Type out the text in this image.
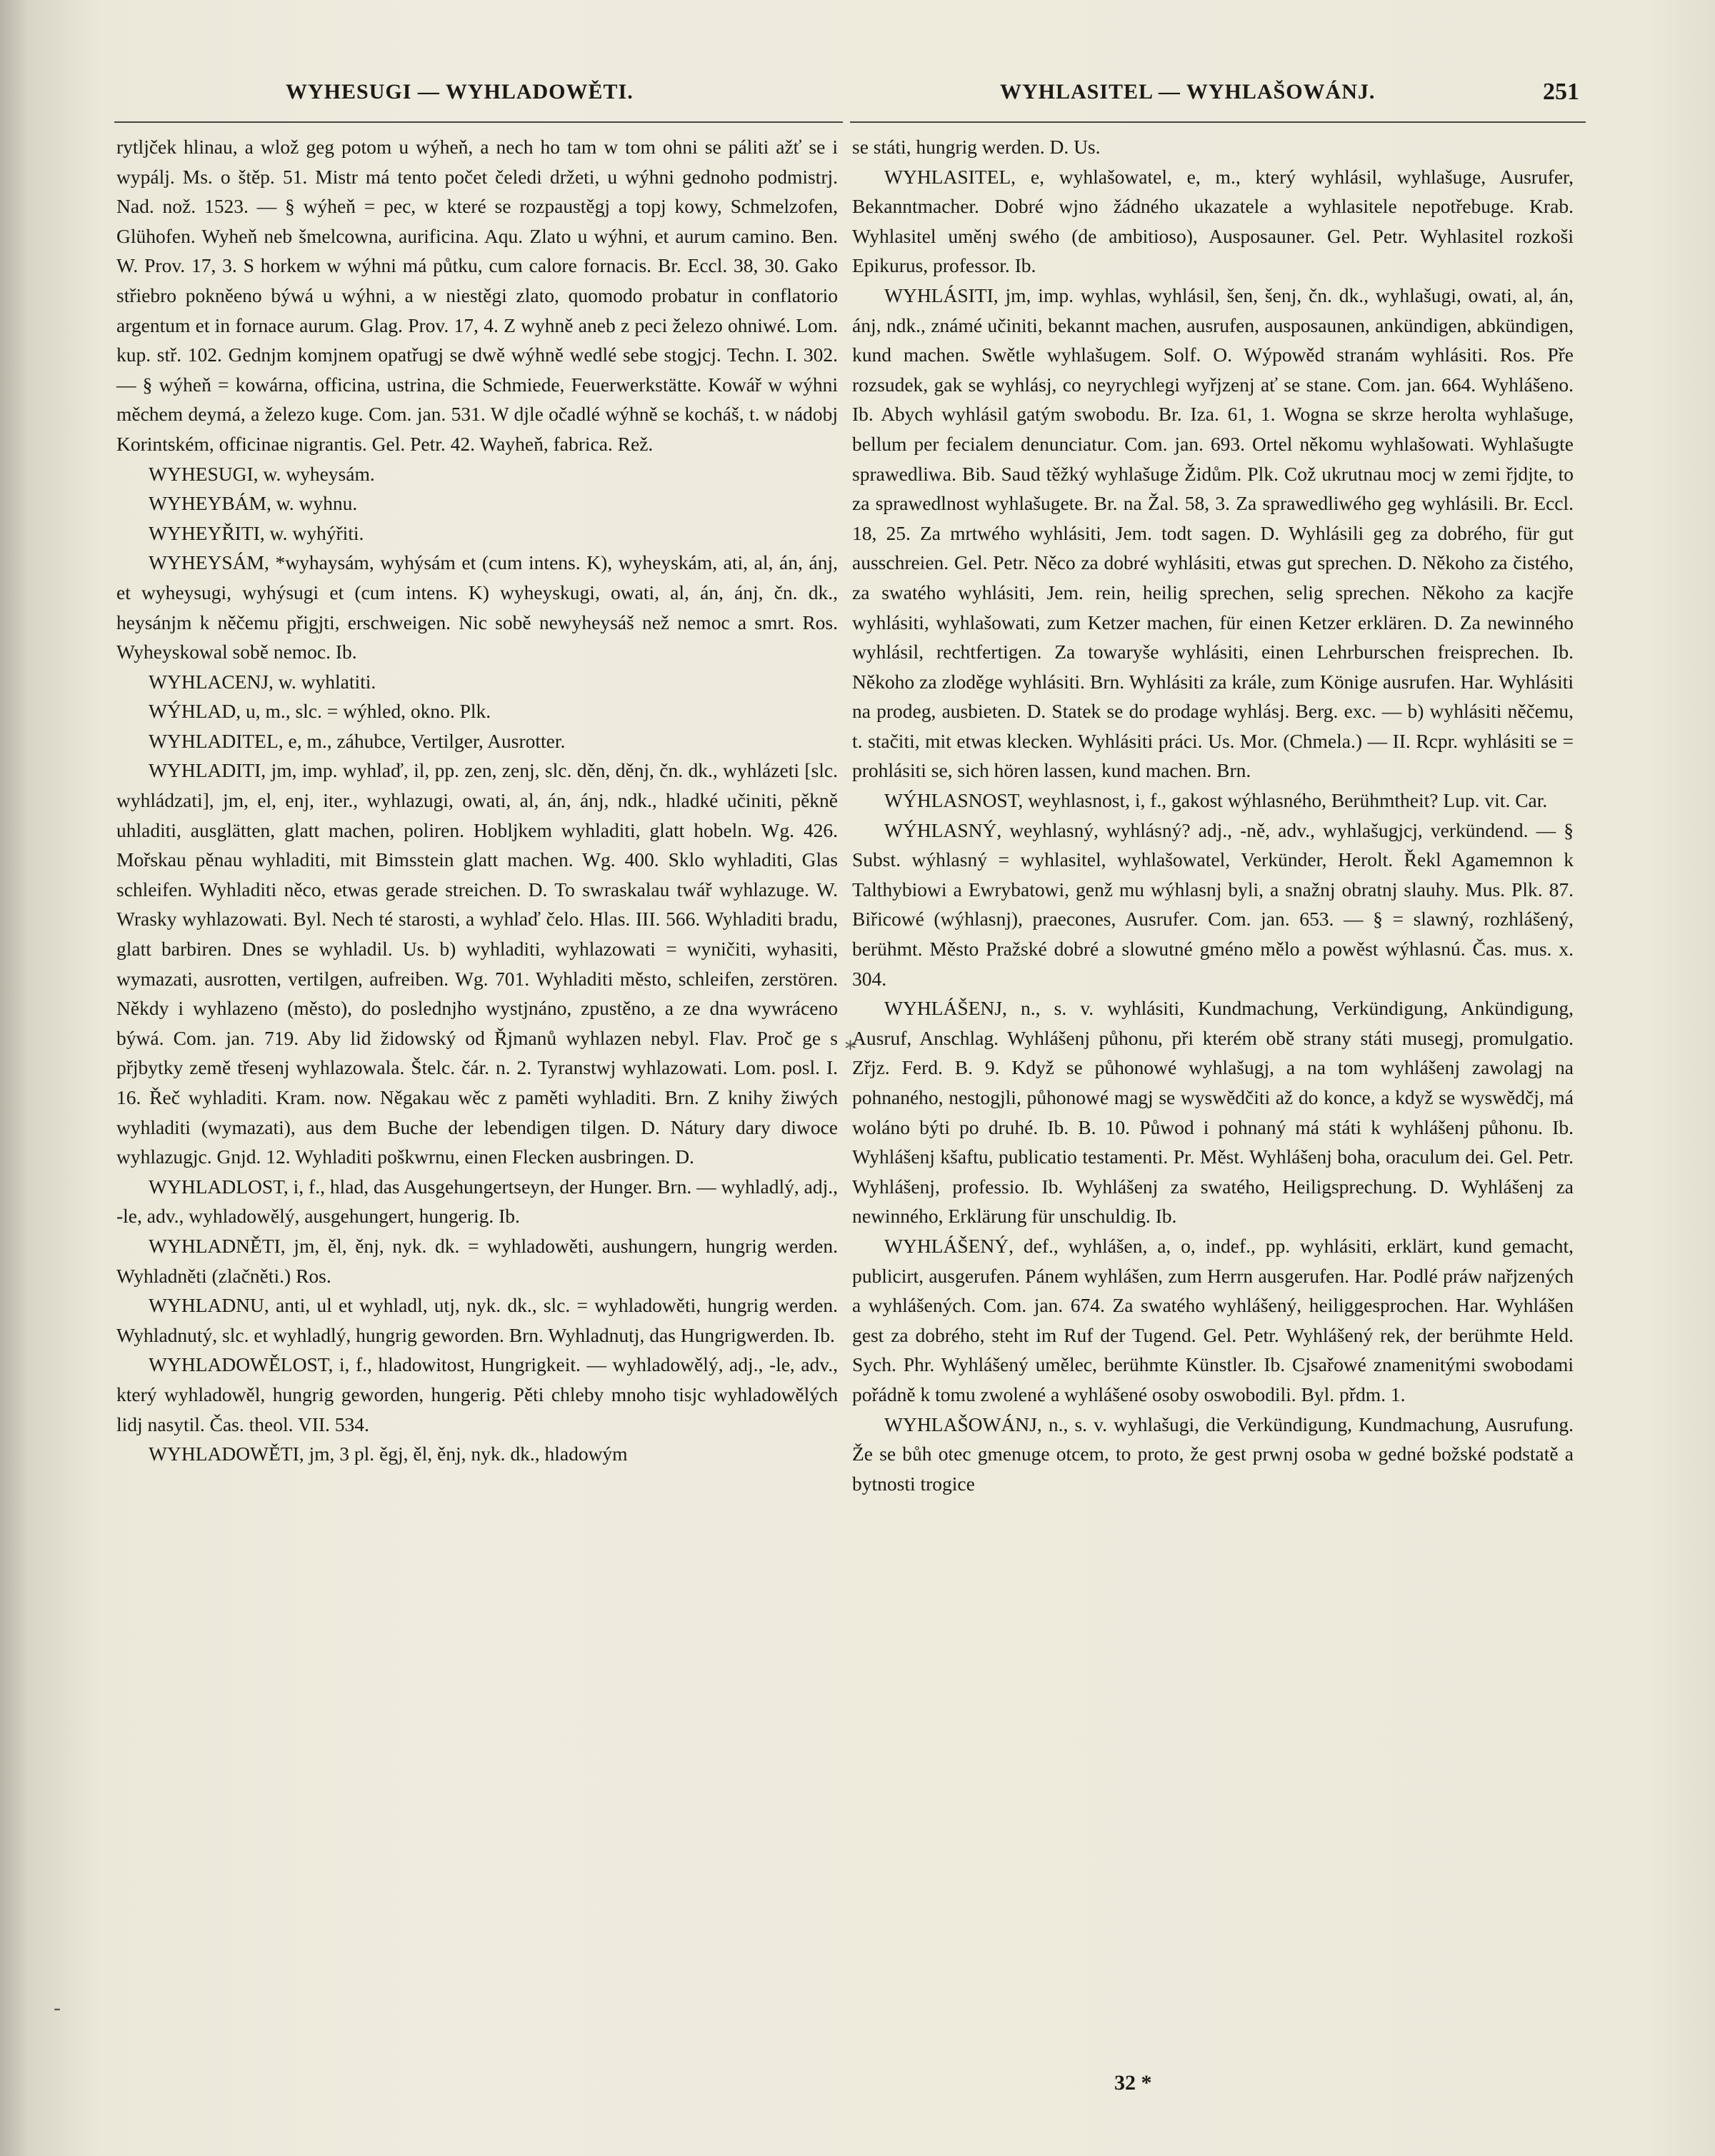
WYHESUGI — WYHLADOWĚTI.	WYHLASITEL — WYHLAŠOWÁNJ.	251

rytljček hlinau, a wlož geg potom u wýheň, a nech ho tam w tom ohni se páliti ažť se i wypálj. Ms. o štěp. 51. Mistr má tento počet čeledi držeti, u wýhni gednoho podmistrj. Nad. nož. 1523. — § wýheň = pec, w které se rozpaustěgj a topj kowy, Schmelzofen, Glühofen. Wyheň neb šmelcowna, aurificina. Aqu. Zlato u wýhni, et aurum camino. Ben. W. Prov. 17, 3. S horkem w wýhni má půtku, cum calore fornacis. Br. Eccl. 38, 30. Gako střiebro pokněeno býwá u wýhni, a w niestěgi zlato, quomodo probatur in conflatorio argentum et in fornace aurum. Glag. Prov. 17, 4. Z wyhně aneb z peci železo ohniwé. Lom. kup. stř. 102. Gednjm komjnem opatřugj se dwě wýhně wedlé sebe stogjcj. Techn. I. 302. — § wýheň = kowárna, officina, ustrina, die Schmiede, Feuerwerkstätte. Kowář w wýhni měchem deymá, a železo kuge. Com. jan. 531. W djle očadlé wýhně se kocháš, t. w nádobj Korintském, officinae nigrantis. Gel. Petr. 42. Wayheň, fabrica. Rež.

WYHESUGI, w. wyheysám.

WYHEYBÁM, w. wyhnu.

WYHEYŘITI, w. wyhýřiti.

WYHEYSÁM, *wyhaysám, wyhýsám et (cum intens. K), wyheyskám, ati, al, án, ánj, et wyheysugi, wyhýsugi et (cum intens. K) wyheyskugi, owati, al, án, ánj, čn. dk., heysánjm k něčemu přigjti, erschweigen. Nic sobě newyheysáš než nemoc a smrt. Ros. Wyheyskowal sobě nemoc. Ib.

WYHLACENJ, w. wyhlatiti.

WÝHLAD, u, m., slc. = wýhled, okno. Plk.

WYHLADITEL, e, m., záhubce, Vertilger, Ausrotter.

WYHLADITI, jm, imp. wyhlaď, il, pp. zen, zenj, slc. děn, děnj, čn. dk., wyhlázeti [slc. wyhládzati], jm, el, enj, iter., wyhlazugi, owati, al, án, ánj, ndk., hladké učiniti, pěkně uhladiti, ausglätten, glatt machen, poliren. Hobljkem wyhladiti, glatt hobeln. Wg. 426. Mořskau pěnau wyhladiti, mit Bimsstein glatt machen. Wg. 400. Sklo wyhladiti, Glas schleifen. Wyhladiti něco, etwas gerade streichen. D. To swraskalau twář wyhlazuge. W. Wrasky wyhlazowati. Byl. Nech té starosti, a wyhlaď čelo. Hlas. III. 566. Wyhladiti bradu, glatt barbiren. Dnes se wyhladil. Us. b) wyhladiti, wyhlazowati = wyničiti, wyhasiti, wymazati, ausrotten, vertilgen, aufreiben. Wg. 701. Wyhladiti město, schleifen, zerstören. Někdy i wyhlazeno (město), do poslednjho wystjnáno, zpustěno, a ze dna wywráceno býwá. Com. jan. 719. Aby lid židowský od Řjmanů wyhlazen nebyl. Flav. Proč ge s přjbytky země třesenj wyhlazowala. Štelc. čár. n. 2. Tyranstwj wyhlazowati. Lom. posl. I. 16. Řeč wyhladiti. Kram. now. Něgakau wěc z paměti wyhladiti. Brn. Z knihy žiwých wyhladiti (wymazati), aus dem Buche der lebendigen tilgen. D. Nátury dary diwoce wyhlazugjc. Gnjd. 12. Wyhladiti poškwrnu, einen Flecken ausbringen. D.

WYHLADLOST, i, f., hlad, das Ausgehungertseyn, der Hunger. Brn. — wyhladlý, adj., -le, adv., wyhladowělý, ausgehungert, hungerig. Ib.

WYHLADNĚTI, jm, ěl, ěnj, nyk. dk. = wyhladowěti, aushungern, hungrig werden. Wyhladněti (zlačněti.) Ros.

WYHLADNU, anti, ul et wyhladl, utj, nyk. dk., slc. = wyhladowěti, hungrig werden. Wyhladnutý, slc. et wyhladlý, hungrig geworden. Brn. Wyhladnutj, das Hungrigwerden. Ib.

WYHLADOWĚLOST, i, f., hladowitost, Hungrigkeit. — wyhladowělý, adj., -le, adv., který wyhladowěl, hungrig geworden, hungerig. Pěti chleby mnoho tisjc wyhladowělých lidj nasytil. Čas. theol. VII. 534.

WYHLADOWĚTI, jm, 3 pl. ěgj, ěl, ěnj, nyk. dk., hladowým

se státi, hungrig werden. D. Us.

WYHLASITEL, e, wyhlašowatel, e, m., který wyhlásil, wyhlašuge, Ausrufer, Bekanntmacher. Dobré wjno žádného ukazatele a wyhlasitele nepotřebuge. Krab. Wyhlasitel uměnj swého (de ambitioso), Ausposauner. Gel. Petr. Wyhlasitel rozkoši Epikurus, professor. Ib.

WYHLÁSITI, jm, imp. wyhlas, wyhlásil, šen, šenj, čn. dk., wyhlašugi, owati, al, án, ánj, ndk., známé učiniti, bekannt machen, ausrufen, ausposaunen, ankündigen, abkündigen, kund machen. Swětle wyhlašugem. Solf. O. Wýpowěd stranám wyhlásiti. Ros. Pře rozsudek, gak se wyhlásj, co neyrychlegi wyřjzenj ať se stane. Com. jan. 664. Wyhlášeno. Ib. Abych wyhlásil gatým swobodu. Br. Iza. 61, 1. Wogna se skrze herolta wyhlašuge, bellum per fecialem denunciatur. Com. jan. 693. Ortel někomu wyhlašowati. Wyhlašugte sprawedliwa. Bib. Saud těžký wyhlašuge Židům. Plk. Což ukrutnau mocj w zemi řjdjte, to za sprawedlnost wyhlašugete. Br. na Žal. 58, 3. Za sprawedliwého geg wyhlásili. Br. Eccl. 18, 25. Za mrtwého wyhlásiti, Jem. todt sagen. D. Wyhlásili geg za dobrého, für gut ausschreien. Gel. Petr. Něco za dobré wyhlásiti, etwas gut sprechen. D. Někoho za čistého, za swatého wyhlásiti, Jem. rein, heilig sprechen, selig sprechen. Někoho za kacjře wyhlásiti, wyhlašowati, zum Ketzer machen, für einen Ketzer erklären. D. Za newinného wyhlásil, rechtfertigen. Za towaryše wyhlásiti, einen Lehrburschen freisprechen. Ib. Někoho za zloděge wyhlásiti. Brn. Wyhlásiti za krále, zum Könige ausrufen. Har. Wyhlásiti na prodeg, ausbieten. D. Statek se do prodage wyhlásj. Berg. exc. — b) wyhlásiti něčemu, t. stačiti, mit etwas klecken. Wyhlásiti práci. Us. Mor. (Chmela.) — II. Rcpr. wyhlásiti se = prohlásiti se, sich hören lassen, kund machen. Brn.

WÝHLASNOST, weyhlasnost, i, f., gakost wýhlasného, Berühmtheit? Lup. vit. Car.

WÝHLASNÝ, weyhlasný, wyhlásný? adj., -ně, adv., wyhlašugjcj, verkündend. — § Subst. wýhlasný = wyhlasitel, wyhlašowatel, Verkünder, Herolt. Řekl Agamemnon k Talthybiowi a Ewrybatowi, genž mu wýhlasnj byli, a snažnj obratnj slauhy. Mus. Plk. 87. Biřicowé (wýhlasnj), praecones, Ausrufer. Com. jan. 653. — § = slawný, rozhlášený, berühmt. Město Pražské dobré a slowutné gméno mělo a powěst wýhlasnú. Čas. mus. x. 304.

WYHLÁŠENJ, n., s. v. wyhlásiti, Kundmachung, Verkündigung, Ankündigung, Ausruf, Anschlag. Wyhlášenj půhonu, při kterém obě strany státi musegj, promulgatio. Zřjz. Ferd. B. 9. Když se půhonowé wyhlašugj, a na tom wyhlášenj zawolagj na pohnaného, nestogjli, půhonowé magj se wyswědčiti až do konce, a když se wyswědčj, má woláno býti po druhé. Ib. B. 10. Půwod i pohnaný má státi k wyhlášenj půhonu. Ib. Wyhlášenj kšaftu, publicatio testamenti. Pr. Měst. Wyhlášenj boha, oraculum dei. Gel. Petr. Wyhlášenj, professio. Ib. Wyhlášenj za swatého, Heiligsprechung. D. Wyhlášenj za newinného, Erklärung für unschuldig. Ib.

WYHLÁŠENÝ, def., wyhlášen, a, o, indef., pp. wyhlásiti, erklärt, kund gemacht, publicirt, ausgerufen. Pánem wyhlášen, zum Herrn ausgerufen. Har. Podlé práw nařjzených a wyhlášených. Com. jan. 674. Za swatého wyhlášený, heiliggesprochen. Har. Wyhlášen gest za dobrého, steht im Ruf der Tugend. Gel. Petr. Wyhlášený rek, der berühmte Held. Sych. Phr. Wyhlášený umělec, berühmte Künstler. Ib. Cjsařowé znamenitými swobodami pořádně k tomu zwolené a wyhlášené osoby oswobodili. Byl. přdm. 1.

WYHLAŠOWÁNJ, n., s. v. wyhlašugi, die Verkündigung, Kundmachung, Ausrufung. Že se bůh otec gmenuge otcem, to proto, že gest prwnj osoba w gedné božské podstatě a bytnosti trogice

*
-
32 *
